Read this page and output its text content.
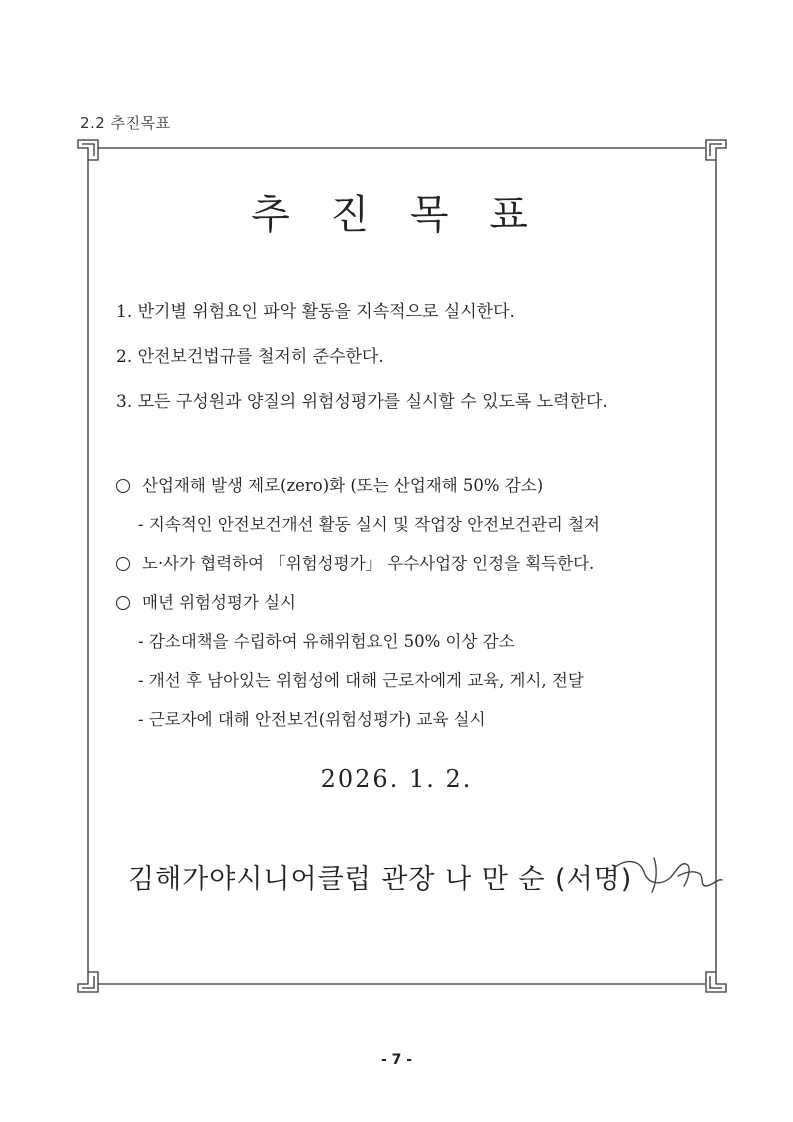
2.2 추진목표
추 진 목 표
1. 반기별 위험요인 파악 활동을 지속적으로 실시한다.
2. 안전보건법규를 철저히 준수한다.
3. 모든 구성원과 양질의 위험성평가를 실시할 수 있도록 노력한다.
산업재해 발생 제로(zero)화 (또는 산업재해 50% 감소)
- 지속적인 안전보건개선 활동 실시 및 작업장 안전보건관리 철저
노·사가 협력하여 「위험성평가」 우수사업장 인정을 획득한다.
매년 위험성평가 실시
- 감소대책을 수립하여 유해위험요인 50% 이상 감소
- 개선 후 남아있는 위험성에 대해 근로자에게 교육, 게시, 전달
- 근로자에 대해 안전보건(위험성평가) 교육 실시
2026. 1. 2.
김해가야시니어클럽 관장 나 만 순 (서명)
- 7 -
